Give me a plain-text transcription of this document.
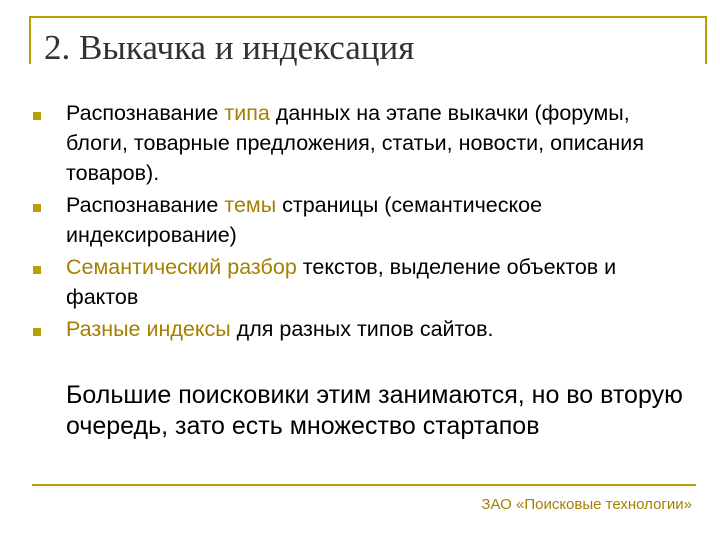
2. Выкачка и индексация
Распознавание типа данных на этапе выкачки (форумы, блоги, товарные предложения, статьи, новости, описания товаров).
Распознавание темы страницы (семантическое индексирование)
Семантический разбор текстов, выделение объектов и фактов
Разные индексы для разных типов сайтов.

Большие поисковики этим занимаются, но во вторую очередь, зато есть множество стартапов

ЗАО «Поисковые технологии»
